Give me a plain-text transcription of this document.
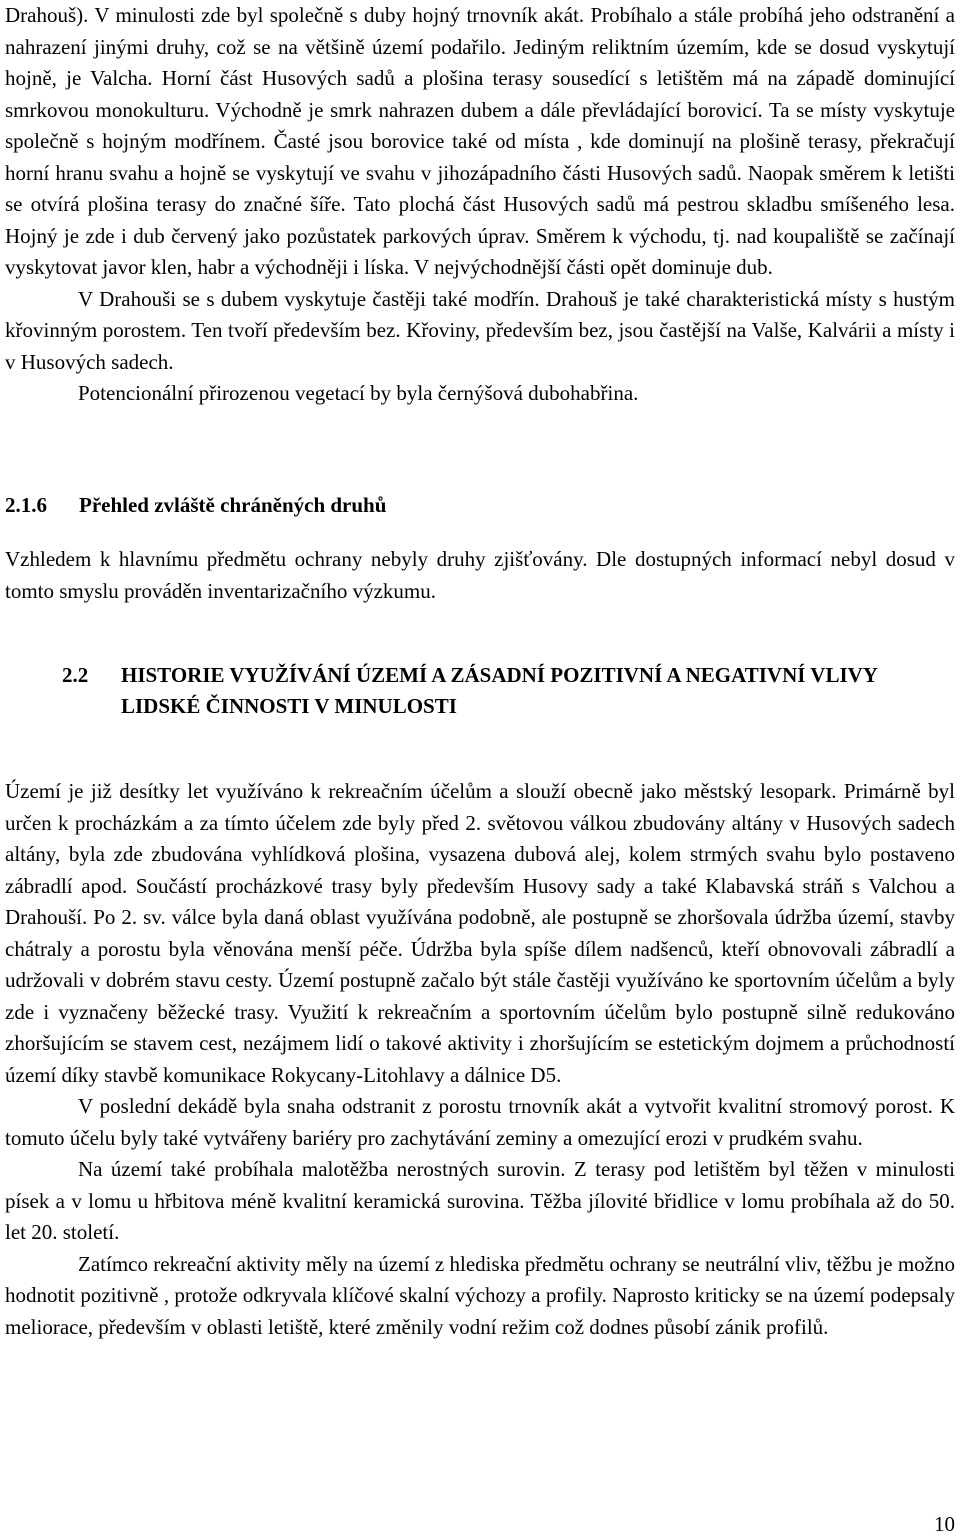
Drahouš). V minulosti zde byl společně s duby hojný trnovník akát. Probíhalo a stále probíhá jeho odstranění a nahrazení jinými druhy, což se na většině území podařilo. Jediným reliktním územím, kde se dosud vyskytují hojně, je Valcha. Horní část Husových sadů a plošina terasy sousedící s letištěm má na západě dominující smrkovou monokulturu. Východně je smrk nahrazen dubem a dále převládající borovicí. Ta se místy vyskytuje společně s hojným modřínem. Časté jsou borovice také od místa , kde dominují na plošině terasy, překračují horní hranu svahu a hojně se vyskytují ve svahu v jihozápadního části Husových sadů. Naopak směrem k letišti se otvírá plošina terasy do značné šíře. Tato plochá část Husových sadů má pestrou skladbu smíšeného lesa. Hojný je zde i dub červený jako pozůstatek parkových úprav. Směrem k východu, tj. nad koupaliště se začínají vyskytovat javor klen, habr a východněji i líska. V nejvýchodnější části opět dominuje dub.

V Drahouši se s dubem vyskytuje častěji také modřín. Drahouš je také charakteristická místy s hustým křovinným porostem. Ten tvoří především bez. Křoviny, především bez, jsou častější na Valše, Kalvárii a místy i v Husových sadech.

Potencionální přirozenou vegetací by byla černýšová dubohabřina.

2.1.6 Přehled zvláště chráněných druhů

Vzhledem k hlavnímu předmětu ochrany nebyly druhy zjišťovány. Dle dostupných informací nebyl dosud v tomto smyslu prováděn inventarizačního výzkumu.

2.2 HISTORIE VYUŽÍVÁNÍ ÚZEMÍ A ZÁSADNÍ POZITIVNÍ A NEGATIVNÍ VLIVY LIDSKÉ ČINNOSTI V MINULOSTI

Území je již desítky let využíváno k rekreačním účelům a slouží obecně jako městský lesopark. Primárně byl určen k procházkám a za tímto účelem zde byly před 2. světovou válkou zbudovány altány v Husových sadech altány, byla zde zbudována vyhlídková plošina, vysazena dubová alej, kolem strmých svahu bylo postaveno zábradlí apod. Součástí procházkové trasy byly především Husovy sady a také Klabavská stráň s Valchou a Drahouší. Po 2. sv. válce byla daná oblast využívána podobně, ale postupně se zhoršovala údržba území, stavby chátraly a porostu byla věnována menší péče. Údržba byla spíše dílem nadšenců, kteří obnovovali zábradlí a udržovali v dobrém stavu cesty. Území postupně začalo být stále častěji využíváno ke sportovním účelům a byly zde i vyznačeny běžecké trasy. Využití k rekreačním a sportovním účelům bylo postupně silně redukováno zhoršujícím se stavem cest, nezájmem lidí o takové aktivity i zhoršujícím se estetickým dojmem a průchodností území díky stavbě komunikace Rokycany-Litohlavy a dálnice D5.

V poslední dekádě byla snaha odstranit z porostu trnovník akát a vytvořit kvalitní stromový porost. K tomuto účelu byly také vytvářeny bariéry pro zachytávání zeminy a omezující erozi v prudkém svahu.

Na území také probíhala malotěžba nerostných surovin. Z terasy pod letištěm byl těžen v minulosti písek a v lomu u hřbitova méně kvalitní keramická surovina. Těžba jílovité břidlice v lomu probíhala až do 50. let 20. století.

Zatímco rekreační aktivity měly na území z hlediska předmětu ochrany se neutrální vliv, těžbu je možno hodnotit pozitivně , protože odkryvala klíčové skalní výchozy a profily. Naprosto kriticky se na území podepsaly meliorace, především v oblasti letiště, které změnily vodní režim což dodnes působí zánik profilů.

10
